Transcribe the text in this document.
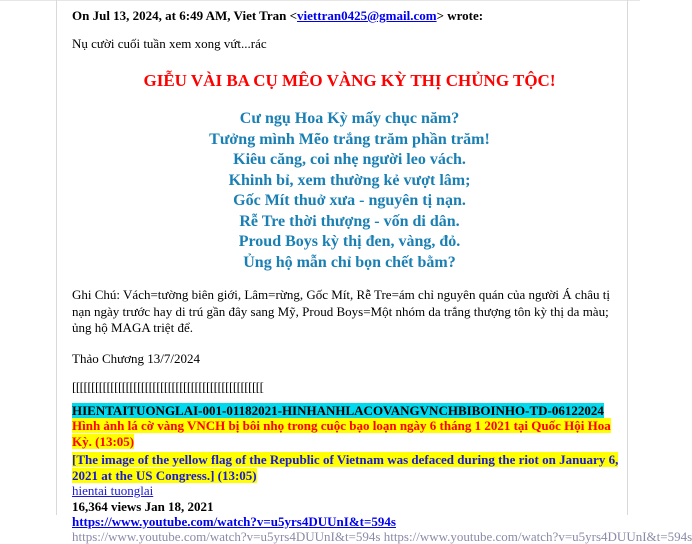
On Jul 13, 2024, at 6:49 AM, Viet Tran <viettran0425@gmail.com> wrote:
Nụ cười cuối tuần xem xong vứt...rác
GIỄU VÀI BA CỤ MÊO VÀNG KỲ THỊ CHỦNG TỘC!
Cư ngụ Hoa Kỳ mấy chục năm?
Tưởng mình Mẽo trắng trăm phần trăm!
Kiêu căng, coi nhẹ người leo vách.
Khinh bỉ, xem thường kẻ vượt lâm;
Gốc Mít thuở xưa - nguyên tị nạn.
Rễ Tre thời thượng - vốn di dân.
Proud Boys kỳ thị đen, vàng, đỏ.
Ủng hộ mẫn chỉ bọn chết bằm?
Ghi Chú: Vách=tường biên giới, Lâm=rừng, Gốc Mít, Rễ Tre=ám chỉ nguyên quán của người Á châu tị nạn ngày trước hay di trú gần đây sang Mỹ, Proud Boys=Một nhóm da trắng thượng tôn kỳ thị da màu; ủng hộ MAGA triệt để.
Thảo Chương 13/7/2024
[[[[[[[[[[[[[[[[[[[[[[[[[[[[[[[[[[[[[[[[[[[[[[[[[[
HIENTAITUONGLAI-001-01182021-HINHANHLACOVANGVNCHBIBOINHO-TD-06122024
Hình ảnh lá cờ vàng VNCH bị bôi nhọ trong cuộc bạo loạn ngày 6 tháng 1 2021 tại Quốc Hội Hoa Kỳ. (13:05)
[The image of the yellow flag of the Republic of Vietnam was defaced during the riot on January 6, 2021 at the US Congress.] (13:05)
hientai tuonglai
16,364 views Jan 18, 2021
https://www.youtube.com/watch?v=u5yrs4DUUnI&t=594s
https://www.youtube.com/watch?v=u5yrs4DUUnI&t=594s https://www.youtube.com/watch?v=u5yrs4DUUnI&t=594s
